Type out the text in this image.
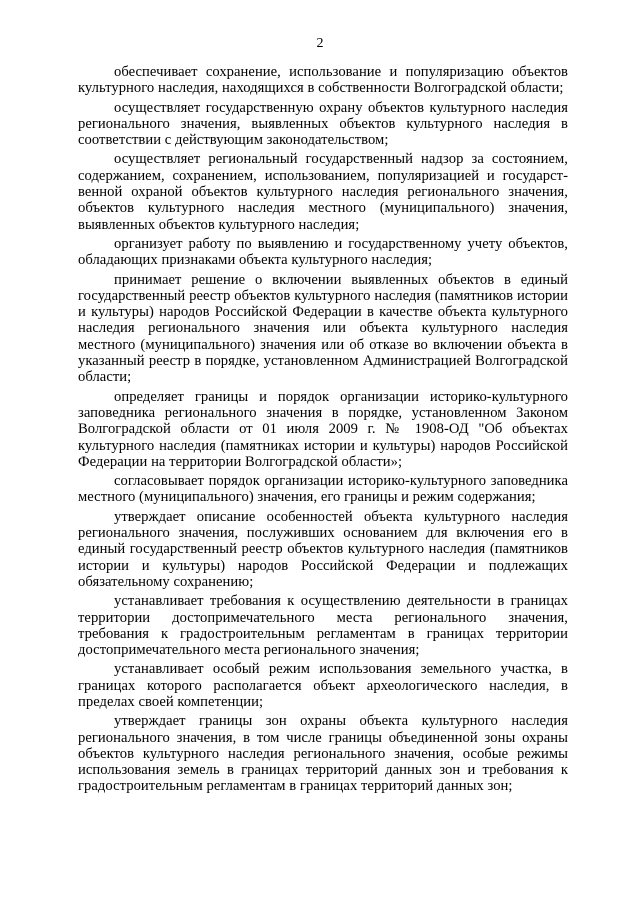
2

обеспечивает сохранение, использование и популяризацию объектов культурного наследия, находящихся в собственности Волгоградской области;

осуществляет государственную охрану объектов культурного наследия регионального значения, выявленных объектов культурного наследия в соответствии с действующим законодательством;

осуществляет региональный государственный надзор за состоянием, содержанием, сохранением, использованием, популяризацией и государст-венной охраной объектов культурного наследия регионального значения, объектов культурного наследия местного (муниципального) значения, выявленных объектов культурного наследия;

организует работу по выявлению и государственному учету объектов, обладающих признаками объекта культурного наследия;

принимает решение о включении выявленных объектов в единый государственный реестр объектов культурного наследия (памятников истории и культуры) народов Российской Федерации в качестве объекта культурного наследия регионального значения или объекта культурного наследия местного (муниципального) значения или об отказе во включении объекта в указанный реестр в порядке, установленном Администрацией Волгоградской области;

определяет границы и порядок организации историко-культурного заповедника регионального значения в порядке, установленном Законом Волгоградской области от 01 июля 2009 г. № 1908-ОД "Об объектах культурного наследия (памятниках истории и культуры) народов Российской Федерации на территории Волгоградской области»;

согласовывает порядок организации историко-культурного заповедника местного (муниципального) значения, его границы и режим содержания;

утверждает описание особенностей объекта культурного наследия регионального значения, послуживших основанием для включения его в единый государственный реестр объектов культурного наследия (памятников истории и культуры) народов Российской Федерации и подлежащих обязательному сохранению;

устанавливает требования к осуществлению деятельности в границах территории достопримечательного места регионального значения, требования к градостроительным регламентам в границах территории достопримечательного места регионального значения;

устанавливает особый режим использования земельного участка, в границах которого располагается объект археологического наследия, в пределах своей компетенции;

утверждает границы зон охраны объекта культурного наследия регионального значения, в том числе границы объединенной зоны охраны объектов культурного наследия регионального значения, особые режимы использования земель в границах территорий данных зон и требования к градостроительным регламентам в границах территорий данных зон;
